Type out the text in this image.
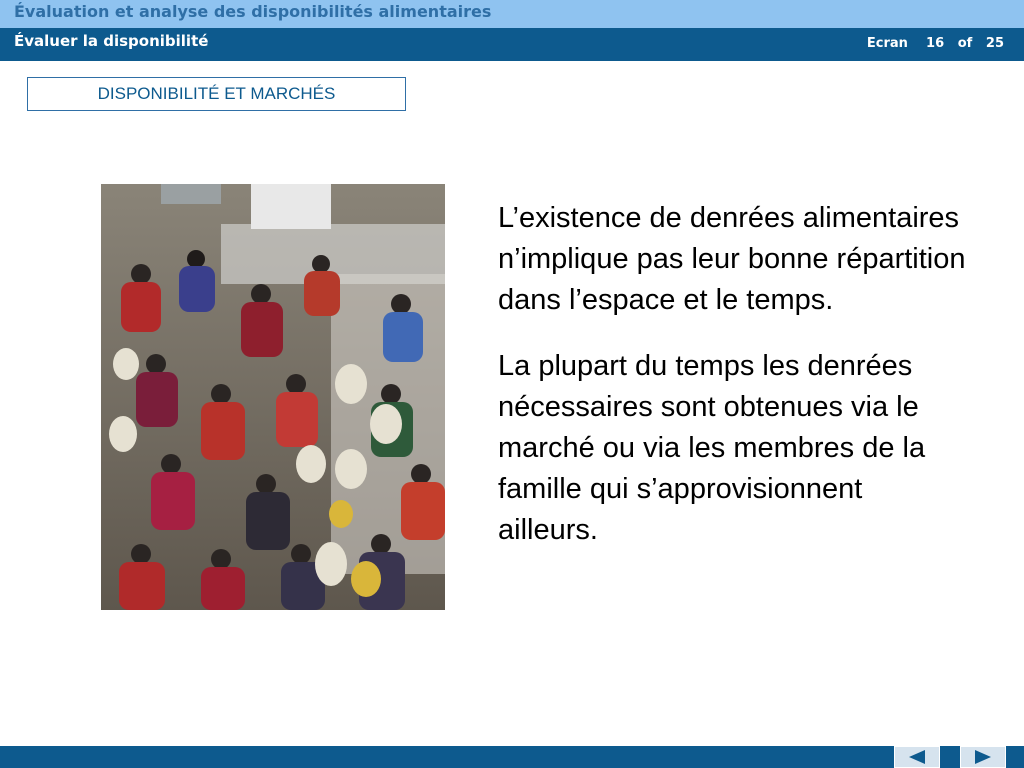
Évaluation et analyse des disponibilités alimentaires
Évaluer la disponibilité	Ecran 16 of 25
DISPONIBILITÉ ET MARCHÉS

L’existence de denrées alimentaires n’implique pas leur bonne répartition dans l’espace et le temps.

La plupart du temps les denrées nécessaires sont obtenues via le marché ou via les membres de la famille qui s’approvisionnent ailleurs.
